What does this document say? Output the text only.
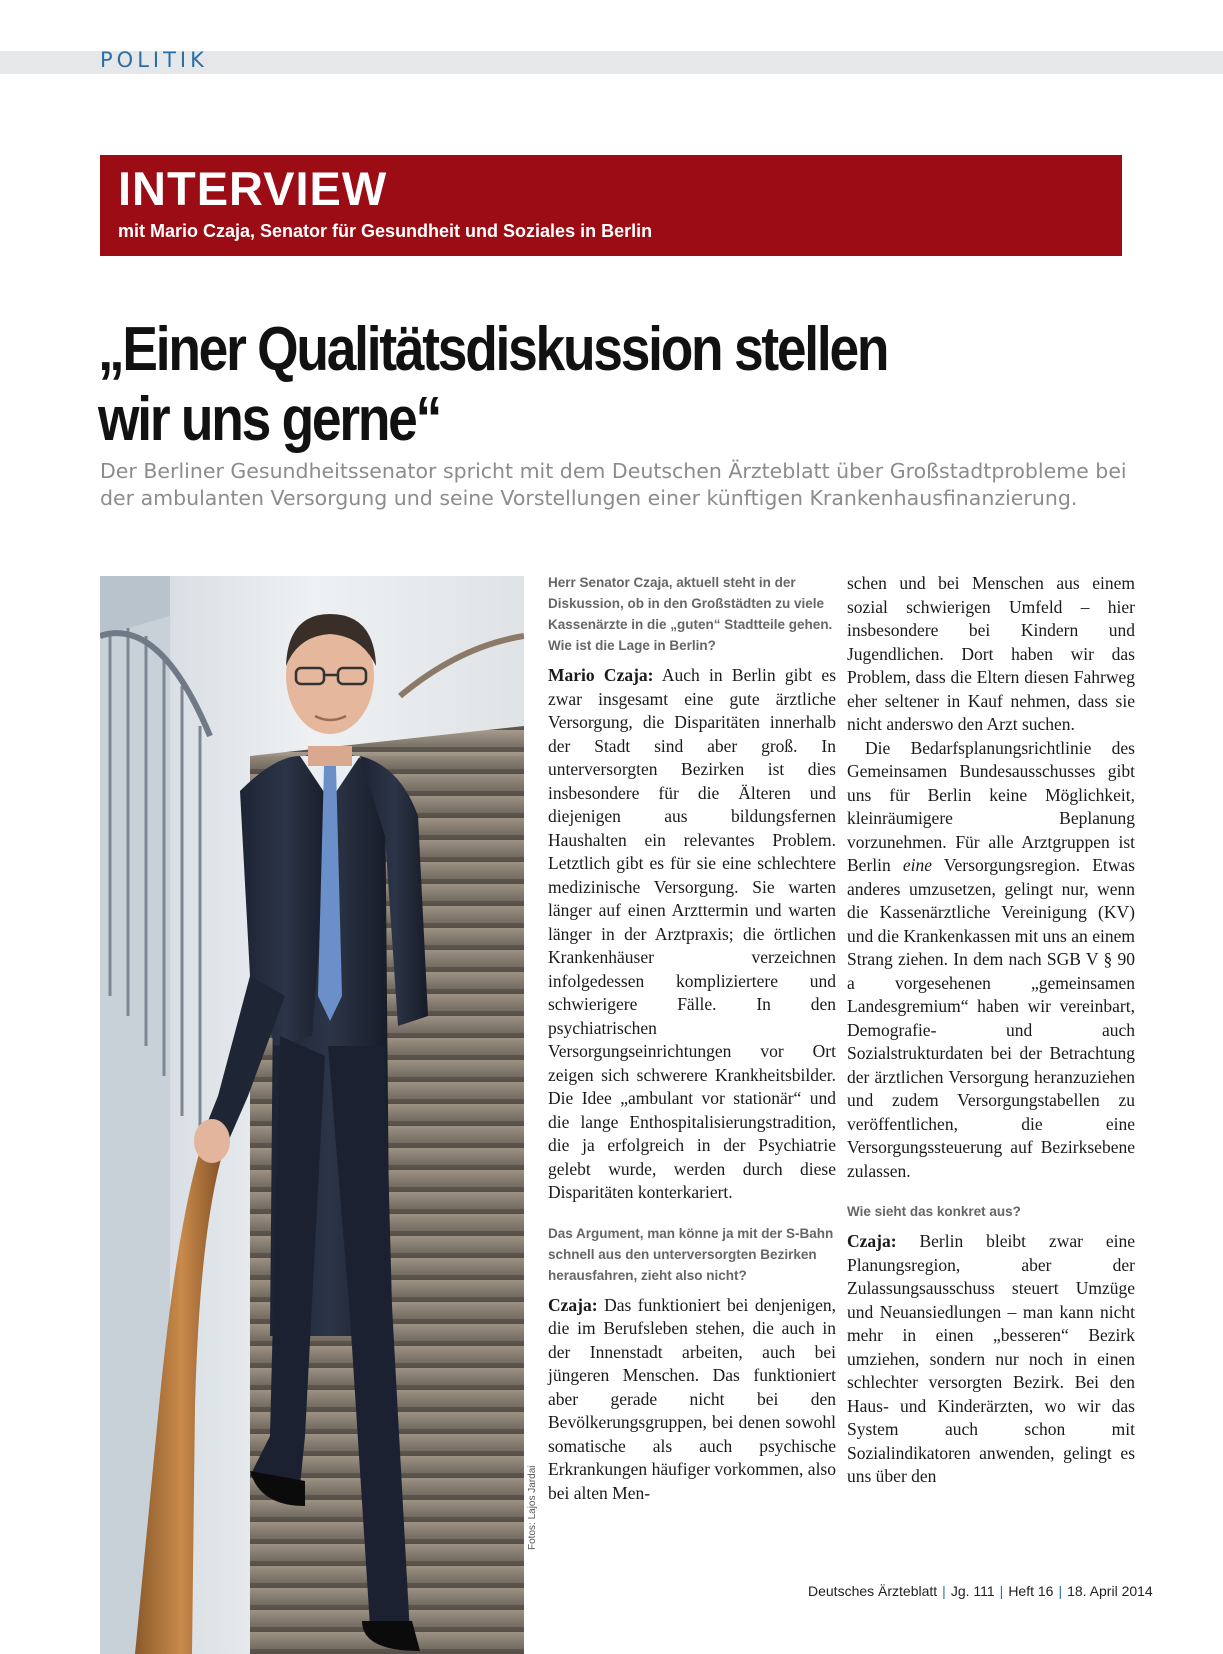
POLITIK
INTERVIEW
mit Mario Czaja, Senator für Gesundheit und Soziales in Berlin
„Einer Qualitätsdiskussion stellen
wir uns gerne“

Der Berliner Gesundheitssenator spricht mit dem Deutschen Ärzteblatt über Großstadtprobleme bei der ambulanten Versorgung und seine Vorstellungen einer künftigen Krankenhausfinanzierung.

Fotos: Lajos Jardai

Herr Senator Czaja, aktuell steht in der Diskussion, ob in den Großstädten zu viele Kassenärzte in die „guten“ Stadtteile gehen. Wie ist die Lage in Berlin?

Mario Czaja: Auch in Berlin gibt es zwar insgesamt eine gute ärztliche Versorgung, die Disparitäten innerhalb der Stadt sind aber groß. In unterversorgten Bezirken ist dies insbesondere für die Älteren und diejenigen aus bildungsfernen Haushalten ein relevantes Problem. Letztlich gibt es für sie eine schlechtere medizinische Versorgung. Sie warten länger auf einen Arzttermin und warten länger in der Arztpraxis; die örtlichen Krankenhäuser verzeichnen infolgedessen kompliziertere und schwierigere Fälle. In den psychiatrischen Versorgungseinrichtungen vor Ort zeigen sich schwerere Krankheitsbilder. Die Idee „ambulant vor stationär“ und die lange Enthospitalisierungstradition, die ja erfolgreich in der Psychiatrie gelebt wurde, werden durch diese Disparitäten konterkariert.

Das Argument, man könne ja mit der S-Bahn schnell aus den unterversorgten Bezirken herausfahren, zieht also nicht?

Czaja: Das funktioniert bei denjenigen, die im Berufsleben stehen, die auch in der Innenstadt arbeiten, auch bei jüngeren Menschen. Das funktioniert aber gerade nicht bei den Bevölkerungsgruppen, bei denen sowohl somatische als auch psychische Erkrankungen häufiger vorkommen, also bei alten Men-

schen und bei Menschen aus einem sozial schwierigen Umfeld – hier insbesondere bei Kindern und Jugendlichen. Dort haben wir das Problem, dass die Eltern diesen Fahrweg eher seltener in Kauf nehmen, dass sie nicht anderswo den Arzt suchen.

Die Bedarfsplanungsrichtlinie des Gemeinsamen Bundesausschusses gibt uns für Berlin keine Möglichkeit, kleinräumigere Beplanung vorzunehmen. Für alle Arztgruppen ist Berlin eine Versorgungsregion. Etwas anderes umzusetzen, gelingt nur, wenn die Kassenärztliche Vereinigung (KV) und die Krankenkassen mit uns an einem Strang ziehen. In dem nach SGB V § 90 a vorgesehenen „gemeinsamen Landesgremium“ haben wir vereinbart, Demografie- und auch Sozialstrukturdaten bei der Betrachtung der ärztlichen Versorgung heranzuziehen und zudem Versorgungstabellen zu veröffentlichen, die eine Versorgungssteuerung auf Bezirksebene zulassen.

Wie sieht das konkret aus?

Czaja: Berlin bleibt zwar eine Planungsregion, aber der Zulassungsausschuss steuert Umzüge und Neuansiedlungen – man kann nicht mehr in einen „besseren“ Bezirk umziehen, sondern nur noch in einen schlechter versorgten Bezirk. Bei den Haus- und Kinderärzten, wo wir das System auch schon mit Sozialindikatoren anwenden, gelingt es uns über den

Deutsches Ärzteblatt | Jg. 111 | Heft 16 | 18. April 2014
